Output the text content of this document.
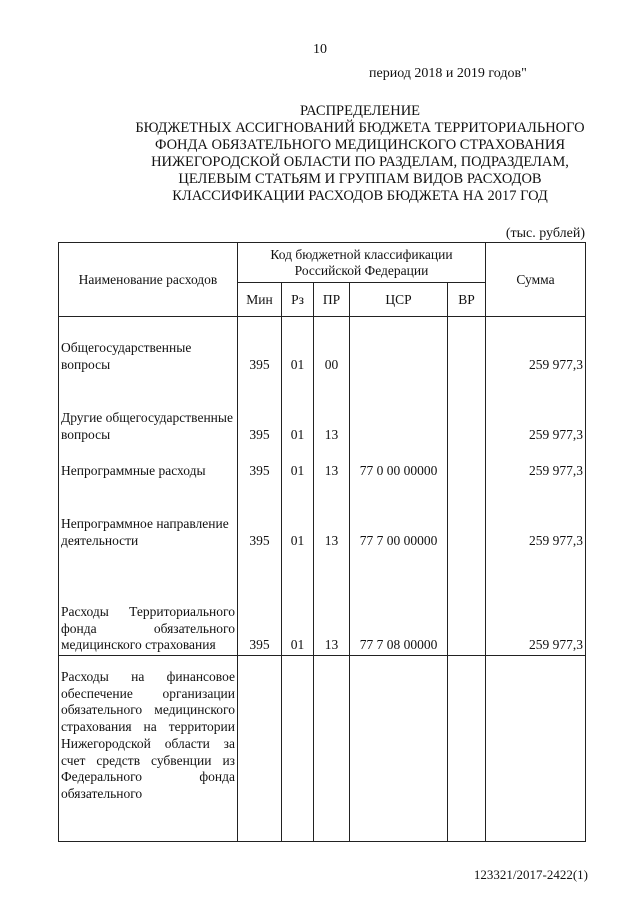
10
период 2018 и 2019 годов"
РАСПРЕДЕЛЕНИЕ
БЮДЖЕТНЫХ АССИГНОВАНИЙ БЮДЖЕТА ТЕРРИТОРИАЛЬНОГО
ФОНДА ОБЯЗАТЕЛЬНОГО МЕДИЦИНСКОГО СТРАХОВАНИЯ
НИЖЕГОРОДСКОЙ ОБЛАСТИ ПО РАЗДЕЛАМ, ПОДРАЗДЕЛАМ,
ЦЕЛЕВЫМ СТАТЬЯМ И ГРУППАМ ВИДОВ РАСХОДОВ
КЛАССИФИКАЦИИ РАСХОДОВ БЮДЖЕТА НА 2017 ГОД
(тыс. рублей)
Наименование расходов	Код бюджетной классификации Российской Федерации					Сумма
	Мин	Рз	ПР	ЦСР	ВР	
Общегосударственные вопросы	395	01	00			259 977,3
Другие общегосударственные вопросы	395	01	13			259 977,3
Непрограммные расходы	395	01	13	77 0 00 00000		259 977,3
Непрограммное направление деятельности	395	01	13	77 7 00 00000		259 977,3
Расходы Территориального фонда обязательного медицинского страхования	395	01	13	77 7 08 00000		259 977,3
Расходы на финансовое обеспечение организации обязательного медицинского страхования на территории Нижегородской области за счет средств субвенции из Федерального фонда обязательного						
123321/2017-2422(1)
